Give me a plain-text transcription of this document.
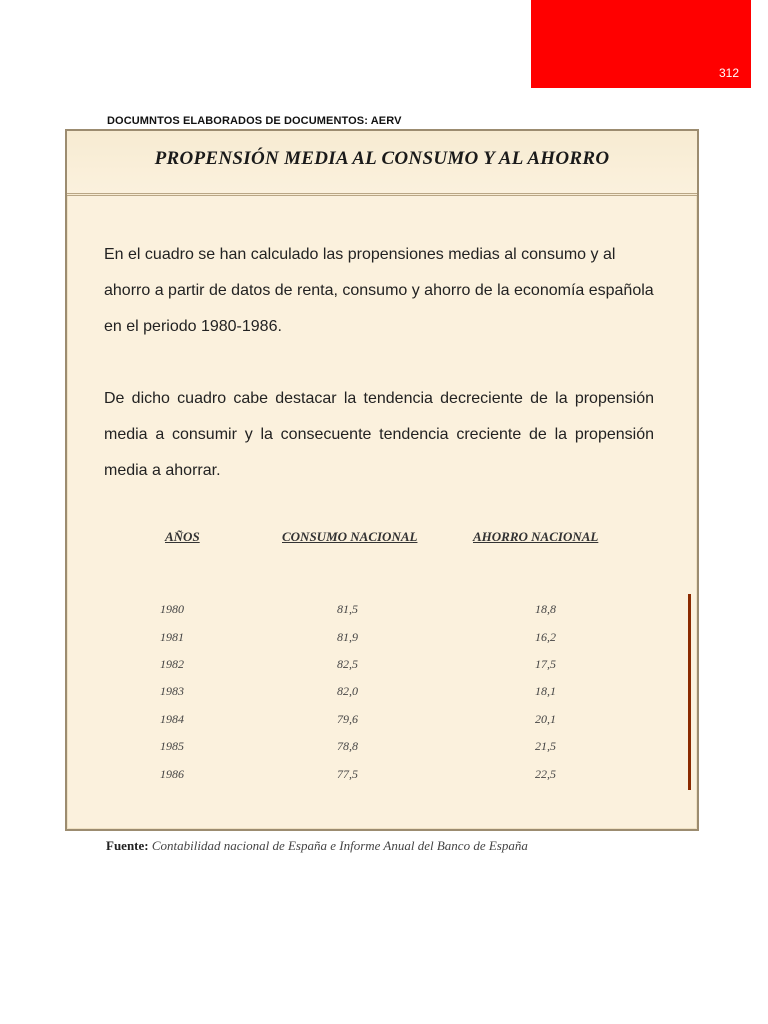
312
DOCUMNTOS ELABORADOS DE DOCUMENTOS: AERV
PROPENSIÓN MEDIA AL CONSUMO Y AL AHORRO
En el cuadro se han calculado las propensiones medias al consumo y al ahorro a partir de datos de renta, consumo y ahorro de la economía española en el periodo 1980-1986.
De dicho cuadro cabe destacar la tendencia decreciente de la propensión media a consumir y la consecuente tendencia creciente de la propensión media a ahorrar.
AÑOS	CONSUMO NACIONAL	AHORRO NACIONAL
1980	81,5	18,8
1981	81,9	16,2
1982	82,5	17,5
1983	82,0	18,1
1984	79,6	20,1
1985	78,8	21,5
1986	77,5	22,5
Fuente: Contabilidad nacional de España e Informe Anual del Banco de España
